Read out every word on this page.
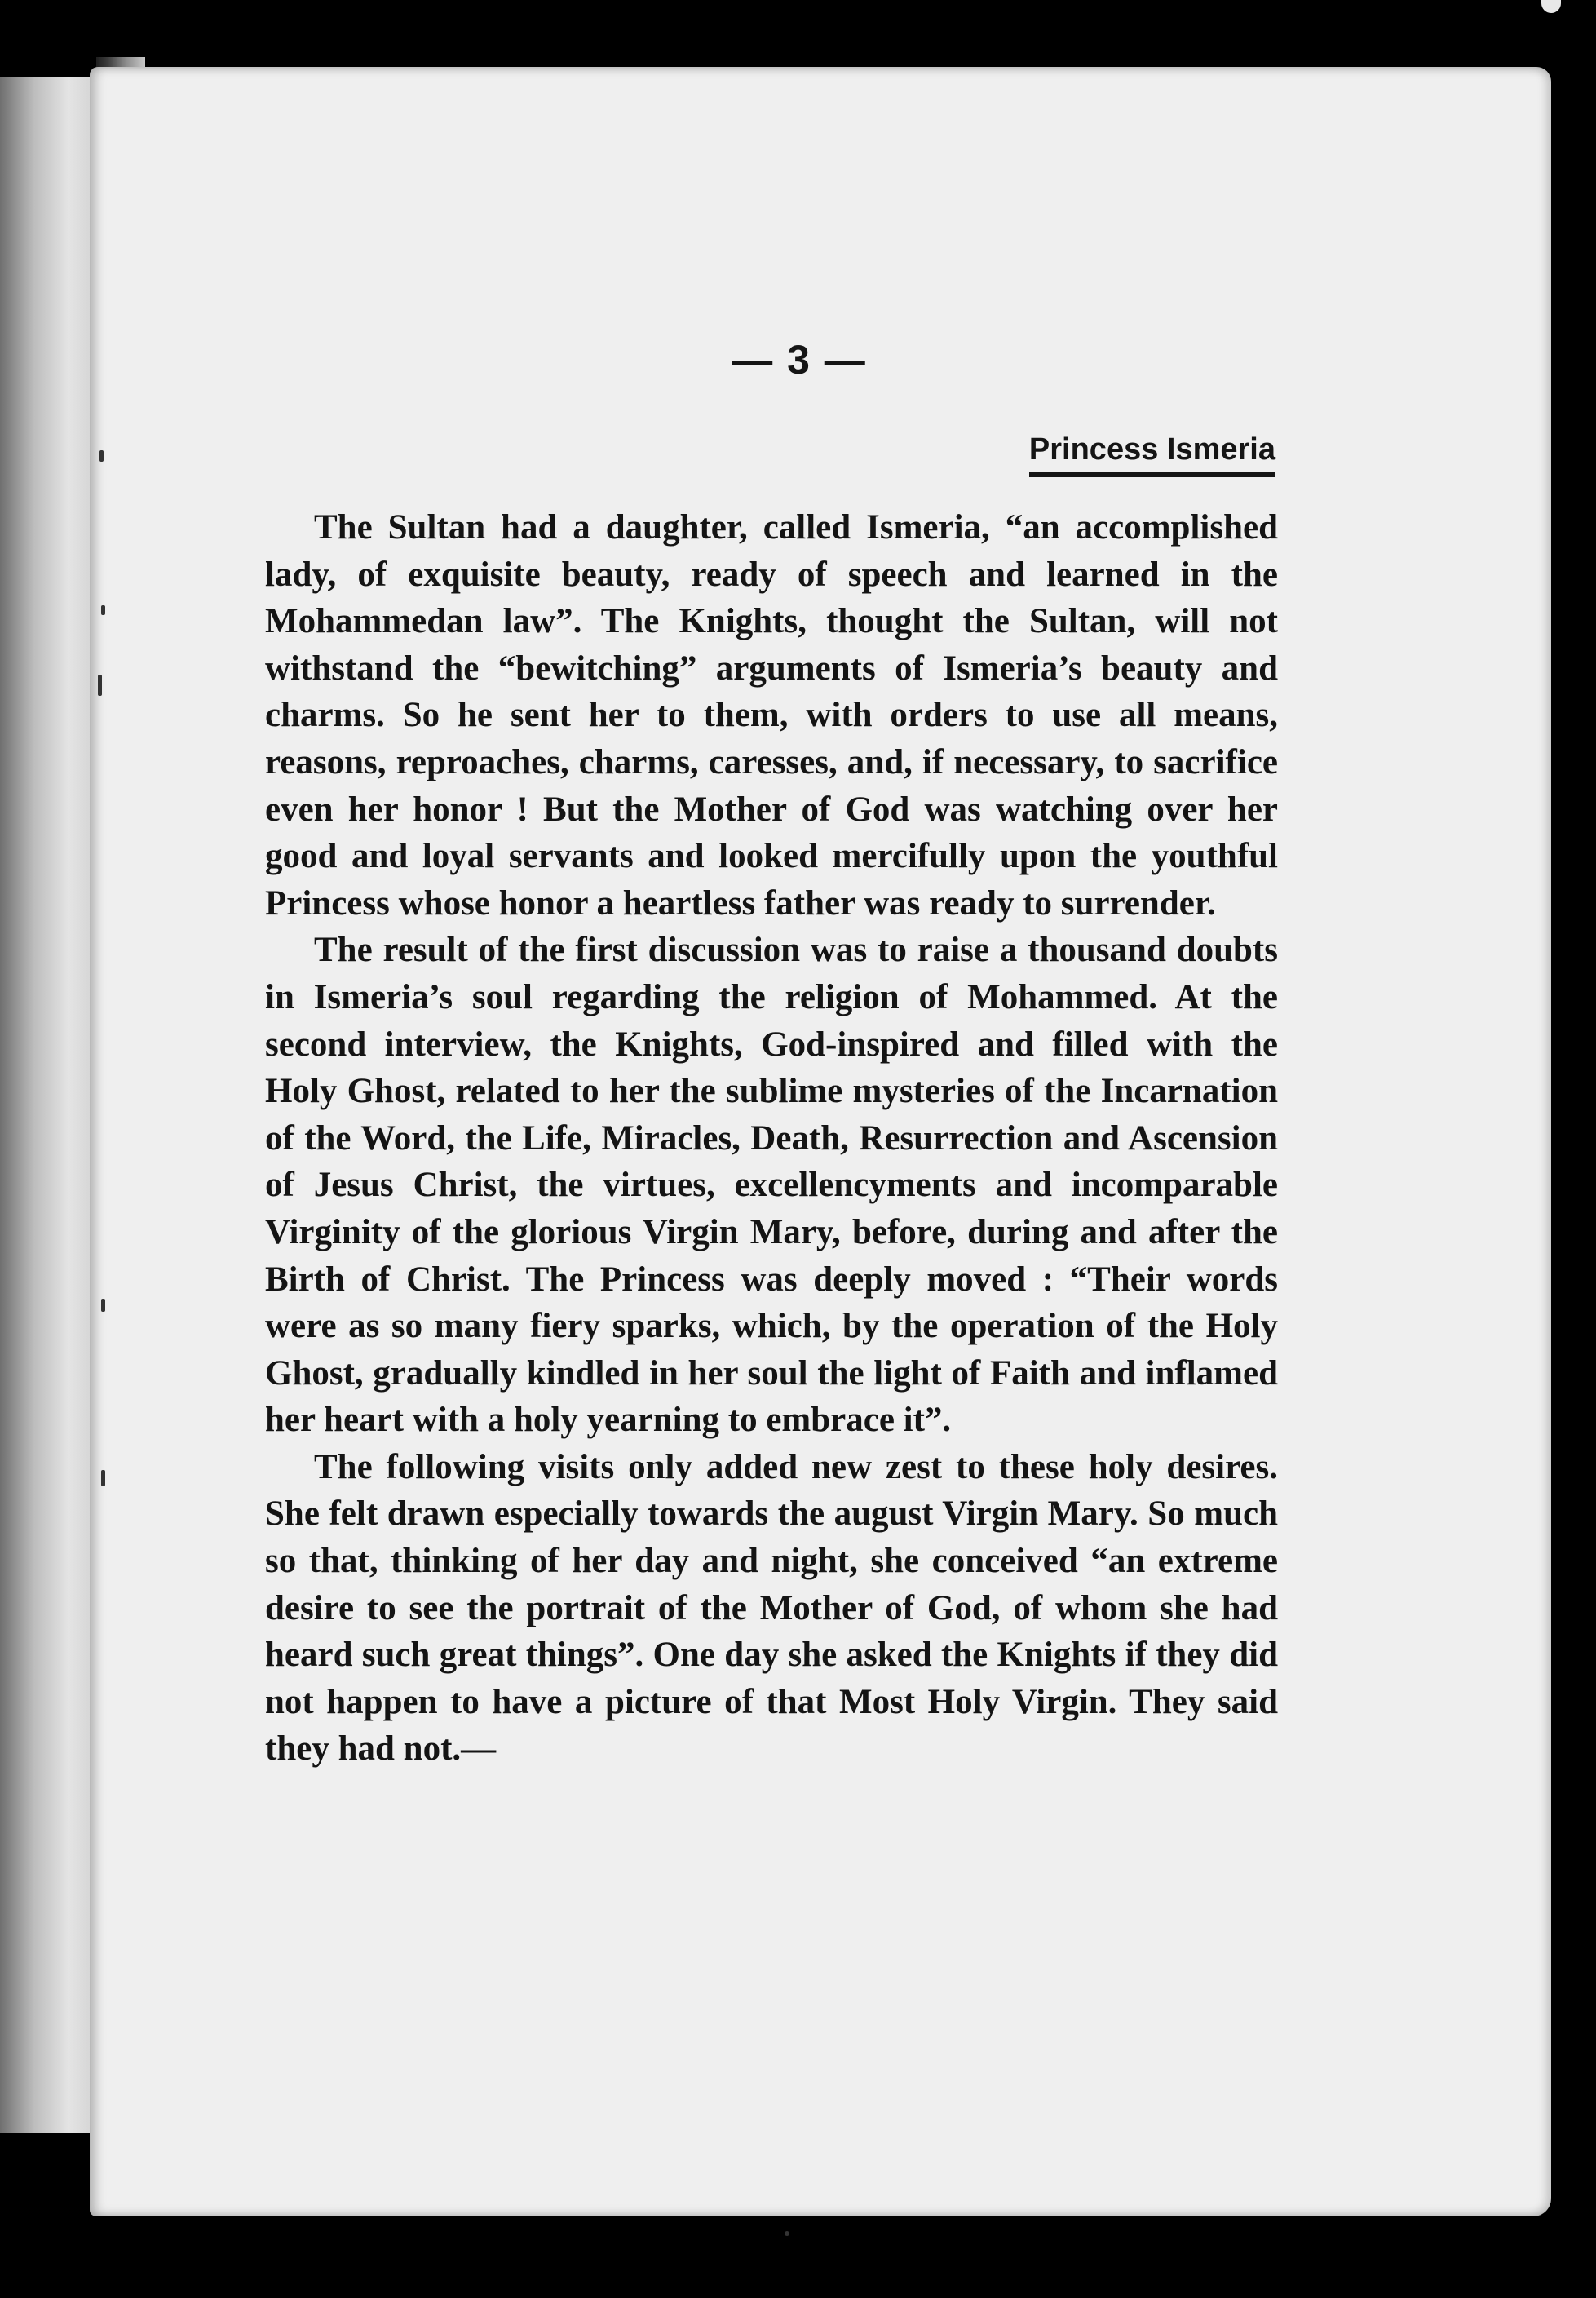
— 3 —

Princess Ismeria

The Sultan had a daughter, called Ismeria, “an accomplished lady, of exquisite beauty, ready of speech and learned in the Mohammedan law”. The Knights, thought the Sultan, will not withstand the “bewitching” arguments of Ismeria’s beauty and charms. So he sent her to them, with orders to use all means, reasons, reproaches, charms, caresses, and, if necessary, to sacrifice even her honor ! But the Mother of God was watching over her good and loyal servants and looked mercifully upon the youthful Princess whose honor a heartless father was ready to surrender.

The result of the first discussion was to raise a thousand doubts in Ismeria’s soul regarding the religion of Mohammed. At the second interview, the Knights, God-inspired and filled with the Holy Ghost, related to her the sublime mysteries of the Incarnation of the Word, the Life, Miracles, Death, Resurrection and Ascension of Jesus Christ, the virtues, excellencyments and incomparable Virginity of the glorious Virgin Mary, before, during and after the Birth of Christ. The Princess was deeply moved : “Their words were as so many fiery sparks, which, by the operation of the Holy Ghost, gradually kindled in her soul the light of Faith and inflamed her heart with a holy yearning to embrace it”.

The following visits only added new zest to these holy desires. She felt drawn especially towards the august Virgin Mary. So much so that, thinking of her day and night, she conceived “an extreme desire to see the portrait of the Mother of God, of whom she had heard such great things”. One day she asked the Knights if they did not happen to have a picture of that Most Holy Virgin. They said they had not.—
